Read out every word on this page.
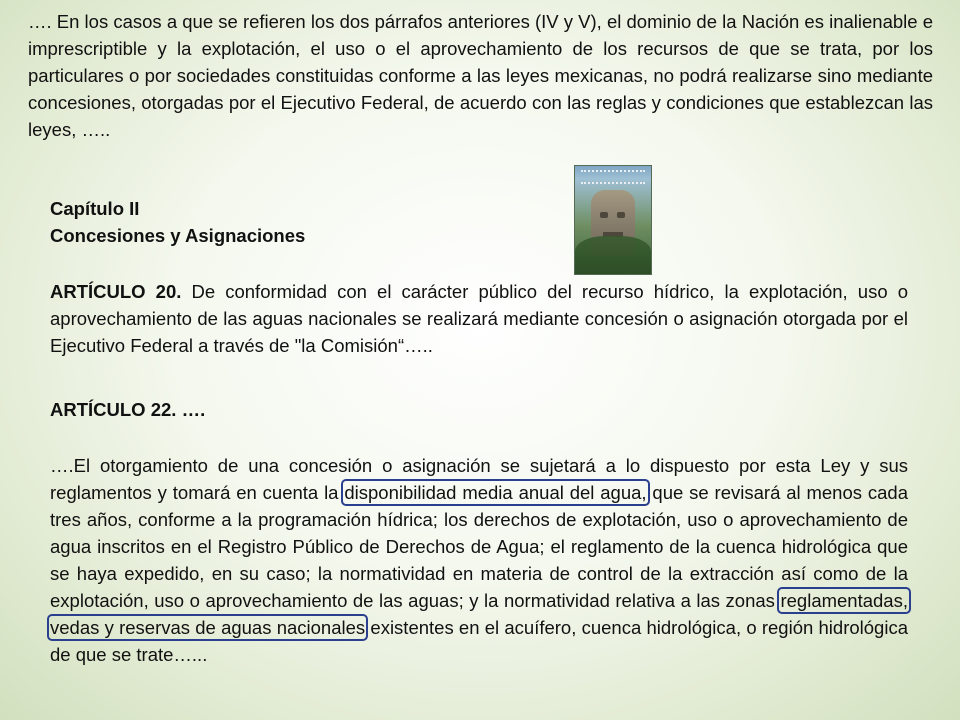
…. En los casos a que se refieren los dos párrafos anteriores (IV y V), el dominio de la Nación es inalienable e imprescriptible y la explotación, el uso o el aprovechamiento de los recursos de que se trata, por los particulares o por sociedades constituidas conforme a las leyes mexicanas, no podrá realizarse sino mediante concesiones, otorgadas por el Ejecutivo Federal, de acuerdo con las reglas y condiciones que establezcan las leyes, …..

Capítulo II

Concesiones y Asignaciones

ARTÍCULO 20. De conformidad con el carácter público del recurso hídrico, la explotación, uso o aprovechamiento de las aguas nacionales se realizará mediante concesión o asignación otorgada por el Ejecutivo Federal a través de "la Comisión“…..

ARTÍCULO 22. ….

….El otorgamiento de una concesión o asignación se sujetará a lo dispuesto por esta Ley y sus reglamentos y tomará en cuenta la disponibilidad media anual del agua, que se revisará al menos cada tres años, conforme a la programación hídrica; los derechos de explotación, uso o aprovechamiento de agua inscritos en el Registro Público de Derechos de Agua; el reglamento de la cuenca hidrológica que se haya expedido, en su caso; la normatividad en materia de control de la extracción así como de la explotación, uso o aprovechamiento de las aguas; y la normatividad relativa a las zonas reglamentadas, vedas y reservas de aguas nacionales existentes en el acuífero, cuenca hidrológica, o región hidrológica de que se trate…...
